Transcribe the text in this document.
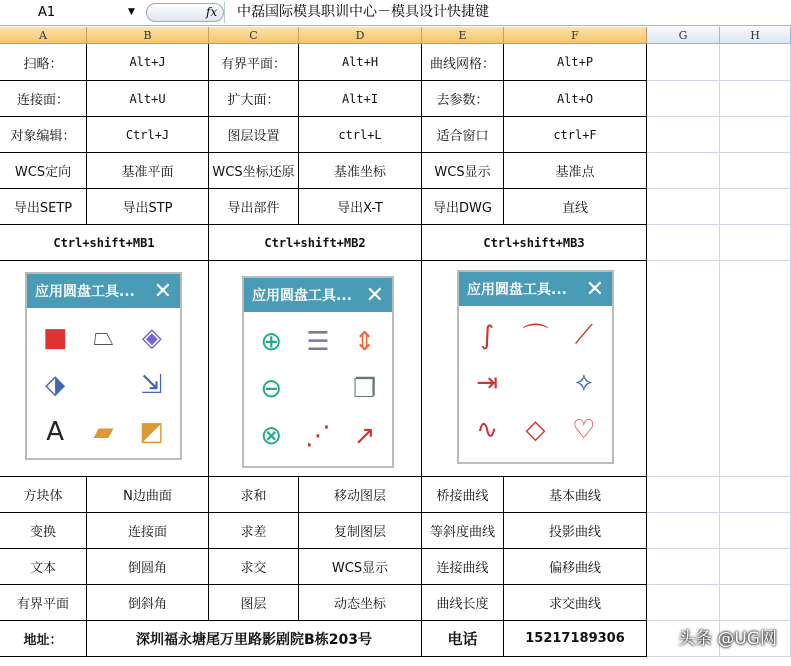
A1	▼	fx	中磊国际模具职训中心－模具设计快捷键
A	B	C	D	E	F	G	H
扫略：	Alt+J	有界平面：	Alt+H	曲线网格：	Alt+P
连接面：	Alt+U	扩大面：	Alt+I	去参数：	Alt+O
对象编辑：	Ctrl+J	图层设置	ctrl+L	适合窗口	ctrl+F
WCS定向	基准平面	WCS坐标还原	基准坐标	WCS显示	基准点
导出SETP	导出STP	导出部件	导出X-T	导出DWG	直线
Ctrl+shift+MB1	Ctrl+shift+MB2	Ctrl+shift+MB3
应用圆盘工具... ✕
■ ⏢	◈
⬗	⇲
A	▰	◩
应用圆盘工具... ✕
⊕ ☰ ⇕
⊖	❐
⊗ ⋰ ↗
应用圆盘工具... ✕
∫	⌒	⟋
⇥	⟡
∿	◇	♡
方块体	N边曲面	求和	移动图层	桥接曲线	基本曲线
变换	连接面	求差	复制图层	等斜度曲线	投影曲线
文本	倒圆角	求交	WCS显示	连接曲线	偏移曲线
有界平面	倒斜角	图层	动态坐标	曲线长度	求交曲线
地址：	深圳福永塘尾万里路影剧院B栋203号	电话	15217189306	头条 @UG网
